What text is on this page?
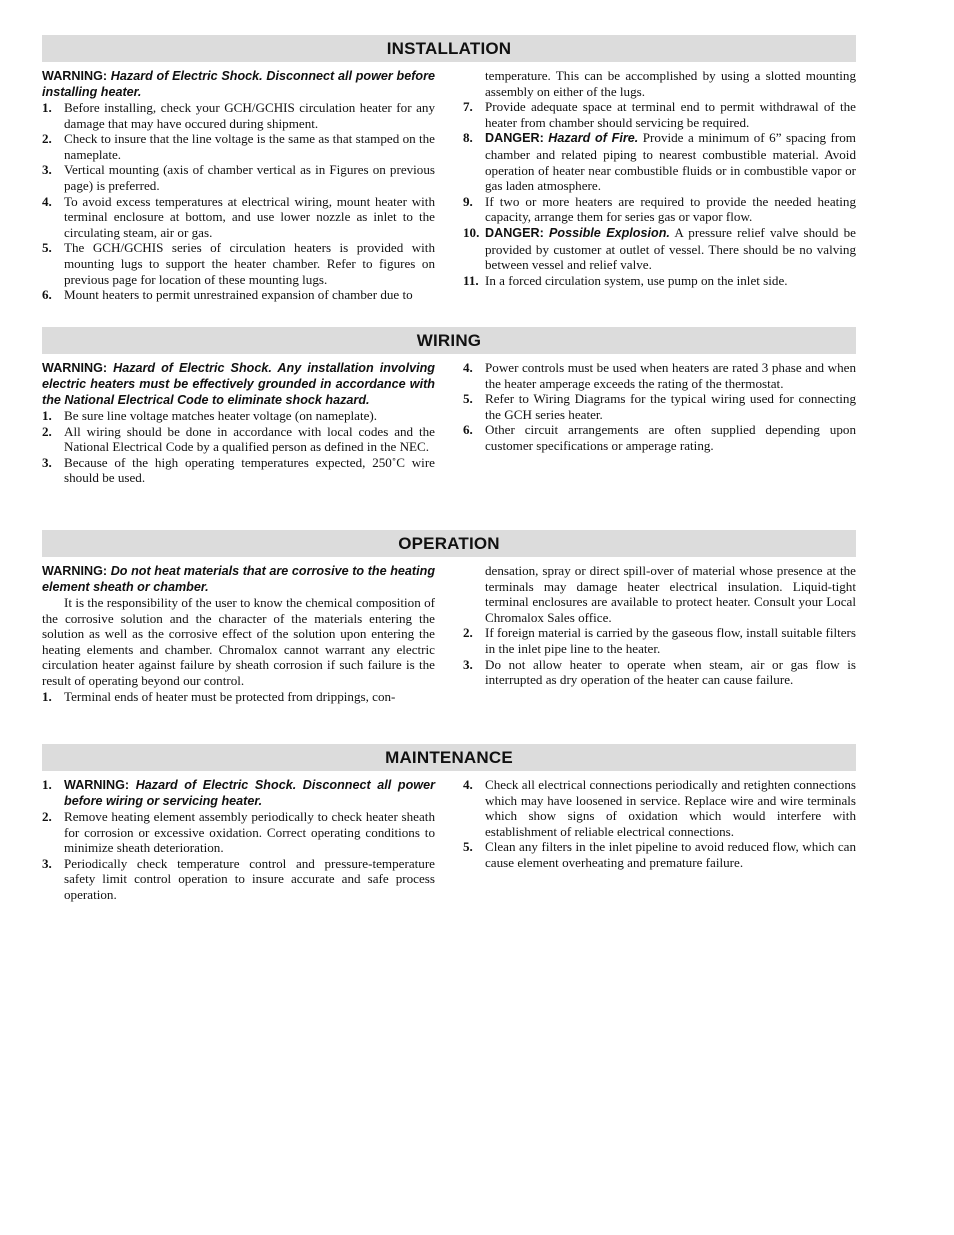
INSTALLATION
WARNING: Hazard of Electric Shock. Disconnect all power before installing heater.
1. Before installing, check your GCH/GCHIS circulation heater for any damage that may have occured during shipment.
2. Check to insure that the line voltage is the same as that stamped on the nameplate.
3. Vertical mounting (axis of chamber vertical as in Figures on previous page) is preferred.
4. To avoid excess temperatures at electrical wiring, mount heater with terminal enclosure at bottom, and use lower nozzle as inlet to the circulating steam, air or gas.
5. The GCH/GCHIS series of circulation heaters is provided with mounting lugs to support the heater chamber. Refer to figures on previous page for location of these mounting lugs.
6. Mount heaters to permit unrestrained expansion of chamber due to
temperature. This can be accomplished by using a slotted mounting assembly on either of the lugs.
7. Provide adequate space at terminal end to permit withdrawal of the heater from chamber should servicing be required.
8. DANGER: Hazard of Fire. Provide a minimum of 6” spacing from chamber and related piping to nearest combustible material. Avoid operation of heater near combustible fluids or in combustible vapor or gas laden atmosphere.
9. If two or more heaters are required to provide the needed heating capacity, arrange them for series gas or vapor flow.
10. DANGER: Possible Explosion. A pressure relief valve should be provided by customer at outlet of vessel. There should be no valving between vessel and relief valve.
11. In a forced circulation system, use pump on the inlet side.
WIRING
WARNING: Hazard of Electric Shock. Any installation involving electric heaters must be effectively grounded in accordance with the National Electrical Code to eliminate shock hazard.
1. Be sure line voltage matches heater voltage (on nameplate).
2. All wiring should be done in accordance with local codes and the National Electrical Code by a qualified person as defined in the NEC.
3. Because of the high operating temperatures expected, 250˚C wire should be used.
4. Power controls must be used when heaters are rated 3 phase and when the heater amperage exceeds the rating of the thermostat.
5. Refer to Wiring Diagrams for the typical wiring used for connecting the GCH series heater.
6. Other circuit arrangements are often supplied depending upon customer specifications or amperage rating.
OPERATION
WARNING: Do not heat materials that are corrosive to the heating element sheath or chamber.
It is the responsibility of the user to know the chemical composition of the corrosive solution and the character of the materials entering the solution as well as the corrosive effect of the solution upon entering the heating elements and chamber. Chromalox cannot warrant any electric circulation heater against failure by sheath corrosion if such failure is the result of operating beyond our control.
1. Terminal ends of heater must be protected from drippings, con-
densation, spray or direct spill-over of material whose presence at the terminals may damage heater electrical insulation. Liquid-tight terminal enclosures are available to protect heater. Consult your Local Chromalox Sales office.
2. If foreign material is carried by the gaseous flow, install suitable filters in the inlet pipe line to the heater.
3. Do not allow heater to operate when steam, air or gas flow is interrupted as dry operation of the heater can cause failure.
MAINTENANCE
1. WARNING: Hazard of Electric Shock. Disconnect all power before wiring or servicing heater.
2. Remove heating element assembly periodically to check heater sheath for corrosion or excessive oxidation. Correct operating conditions to minimize sheath deterioration.
3. Periodically check temperature control and pressure-temperature safety limit control operation to insure accurate and safe process operation.
4. Check all electrical connections periodically and retighten connections which may have loosened in service. Replace wire and wire terminals which show signs of oxidation which would interfere with establishment of reliable electrical connections.
5. Clean any filters in the inlet pipeline to avoid reduced flow, which can cause element overheating and premature failure.
